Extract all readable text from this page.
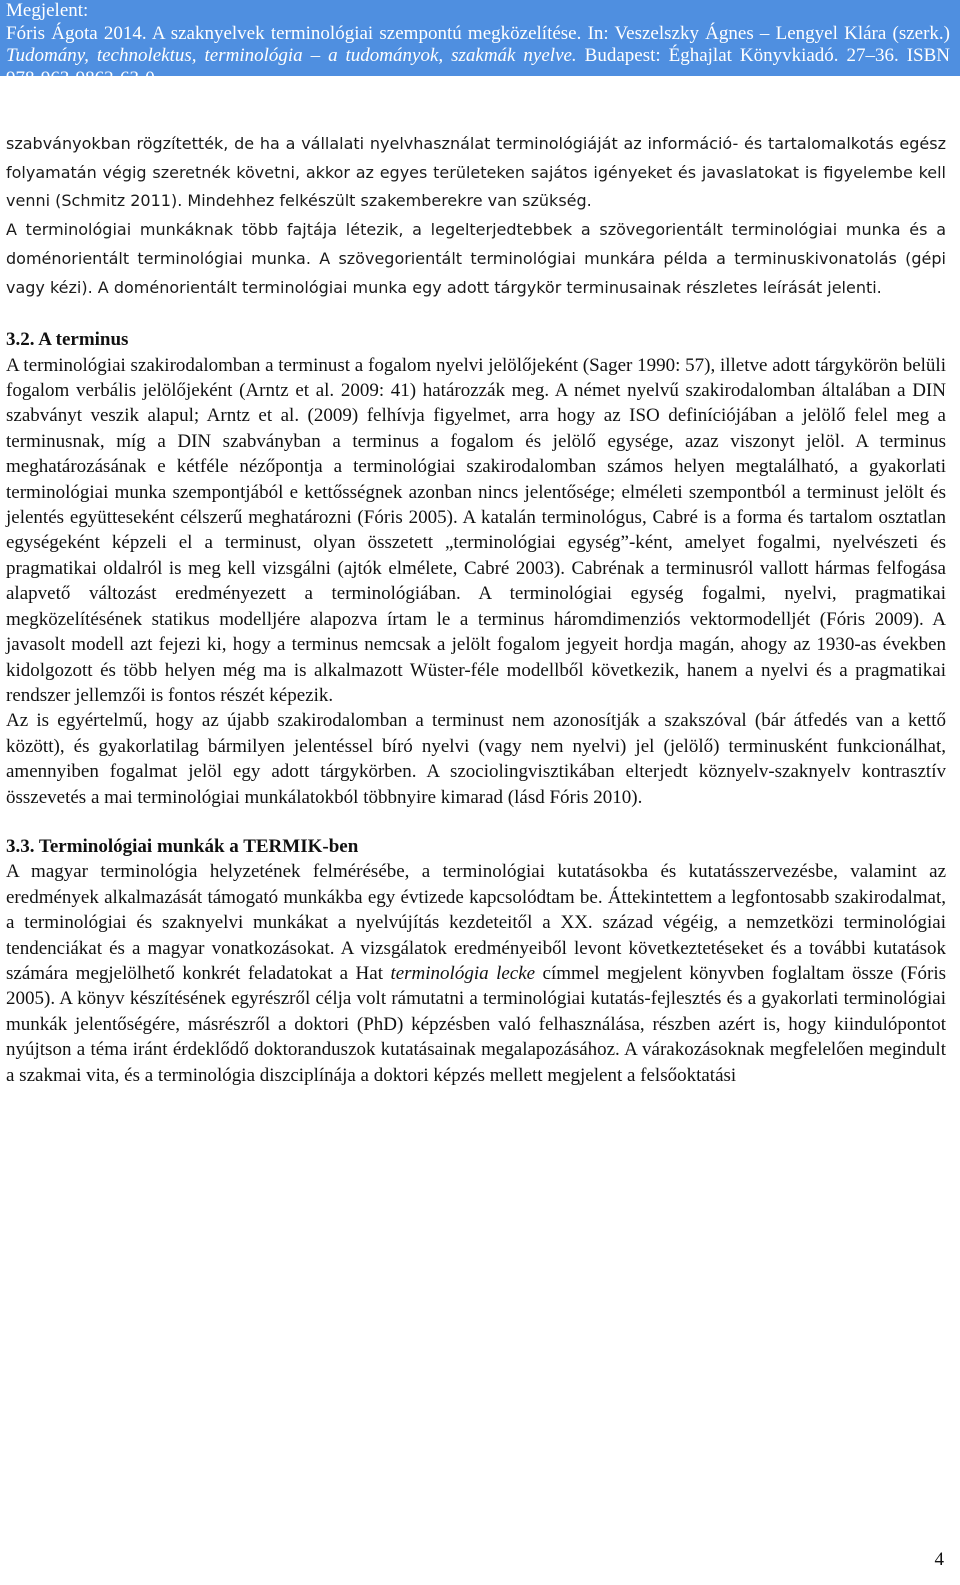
Megjelent:

Fóris Ágota 2014. A szaknyelvek terminológiai szempontú megközelítése. In: Veszelszky Ágnes – Lengyel Klára (szerk.) Tudomány, technolektus, terminológia – a tudományok, szakmák nyelve. Budapest: Éghajlat Könyvkiadó. 27–36. ISBN 978-963-9862-63-0

szabványokban rögzítették, de ha a vállalati nyelvhasználat terminológiáját az információ- és tartalomalkotás egész folyamatán végig szeretnék követni, akkor az egyes területeken sajátos igényeket és javaslatokat is figyelembe kell venni (Schmitz 2011). Mindehhez felkészült szakemberekre van szükség.

A terminológiai munkáknak több fajtája létezik, a legelterjedtebbek a szövegorientált terminológiai munka és a doménorientált terminológiai munka. A szövegorientált terminológiai munkára példa a terminuskivonatolás (gépi vagy kézi). A doménorientált terminológiai munka egy adott tárgykör terminusainak részletes leírását jelenti.

3.2. A terminus

A terminológiai szakirodalomban a terminust a fogalom nyelvi jelölőjeként (Sager 1990: 57), illetve adott tárgykörön belüli fogalom verbális jelölőjeként (Arntz et al. 2009: 41) határozzák meg. A német nyelvű szakirodalomban általában a DIN szabványt veszik alapul; Arntz et al. (2009) felhívja figyelmet, arra hogy az ISO definíciójában a jelölő felel meg a terminusnak, míg a DIN szabványban a terminus a fogalom és jelölő egysége, azaz viszonyt jelöl. A terminus meghatározásának e kétféle nézőpontja a terminológiai szakirodalomban számos helyen megtalálható, a gyakorlati terminológiai munka szempontjából e kettősségnek azonban nincs jelentősége; elméleti szempontból a terminust jelölt és jelentés együtteseként célszerű meghatározni (Fóris 2005). A katalán terminológus, Cabré is a forma és tartalom osztatlan egységeként képzeli el a terminust, olyan összetett „terminológiai egység”-ként, amelyet fogalmi, nyelvészeti és pragmatikai oldalról is meg kell vizsgálni (ajtók elmélete, Cabré 2003). Cabrénak a terminusról vallott hármas felfogása alapvető változást eredményezett a terminológiában. A terminológiai egység fogalmi, nyelvi, pragmatikai megközelítésének statikus modelljére alapozva írtam le a terminus háromdimenziós vektormodelljét (Fóris 2009). A javasolt modell azt fejezi ki, hogy a terminus nemcsak a jelölt fogalom jegyeit hordja magán, ahogy az 1930-as években kidolgozott és több helyen még ma is alkalmazott Wüster-féle modellből következik, hanem a nyelvi és a pragmatikai rendszer jellemzői is fontos részét képezik.

Az is egyértelmű, hogy az újabb szakirodalomban a terminust nem azonosítják a szakszóval (bár átfedés van a kettő között), és gyakorlatilag bármilyen jelentéssel bíró nyelvi (vagy nem nyelvi) jel (jelölő) terminusként funkcionálhat, amennyiben fogalmat jelöl egy adott tárgykörben. A szociolingvisztikában elterjedt köznyelv-szaknyelv kontrasztív összevetés a mai terminológiai munkálatokból többnyire kimarad (lásd Fóris 2010).

3.3. Terminológiai munkák a TERMIK-ben

A magyar terminológia helyzetének felmérésébe, a terminológiai kutatásokba és kutatásszervezésbe, valamint az eredmények alkalmazását támogató munkákba egy évtizede kapcsolódtam be. Áttekintettem a legfontosabb szakirodalmat, a terminológiai és szaknyelvi munkákat a nyelvújítás kezdeteitől a XX. század végéig, a nemzetközi terminológiai tendenciákat és a magyar vonatkozásokat. A vizsgálatok eredményeiből levont következtetéseket és a további kutatások számára megjelölhető konkrét feladatokat a Hat terminológia lecke címmel megjelent könyvben foglaltam össze (Fóris 2005). A könyv készítésének egyrészről célja volt rámutatni a terminológiai kutatás-fejlesztés és a gyakorlati terminológiai munkák jelentőségére, másrészről a doktori (PhD) képzésben való felhasználása, részben azért is, hogy kiindulópontot nyújtson a téma iránt érdeklődő doktoranduszok kutatásainak megalapozásához. A várakozásoknak megfelelően megindult a szakmai vita, és a terminológia diszciplínája a doktori képzés mellett megjelent a felsőoktatási

4
